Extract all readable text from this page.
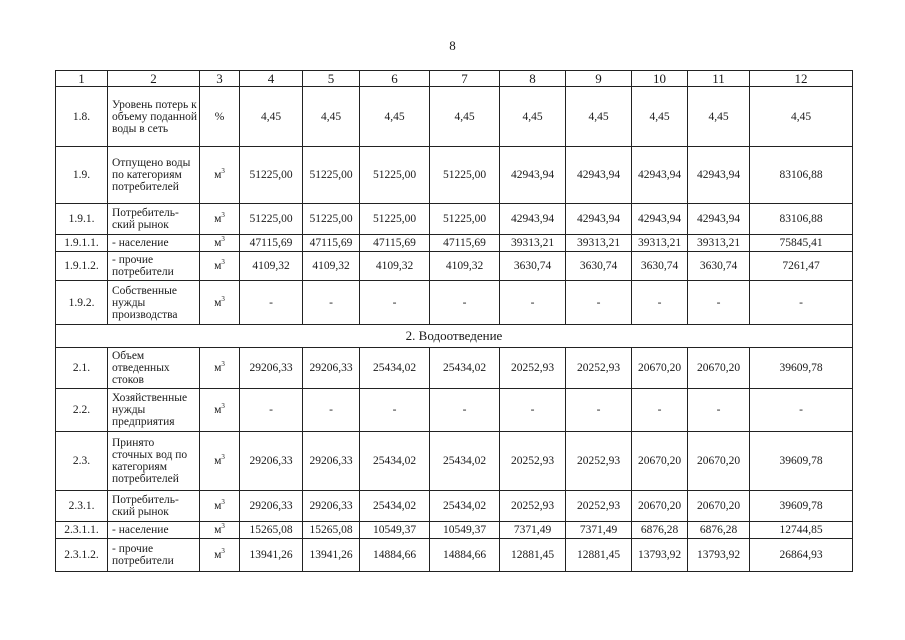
8
1	2	3	4	5	6	7	8	9	10	11	12
1.8.	Уровень потерь к объему поданной воды в сеть	%	4,45	4,45	4,45	4,45	4,45	4,45	4,45	4,45	4,45
1.9.	Отпущено воды по категориям потребителей	$м^3$	51225,00	51225,00	51225,00	51225,00	42943,94	42943,94	42943,94	42943,94	83106,88
1.9.1.	Потребитель-ский рынок	$м^3$	51225,00	51225,00	51225,00	51225,00	42943,94	42943,94	42943,94	42943,94	83106,88
1.9.1.1.	- население	$м^3$	47115,69	47115,69	47115,69	47115,69	39313,21	39313,21	39313,21	39313,21	75845,41
1.9.1.2.	- прочие потребители	$м^3$	4109,32	4109,32	4109,32	4109,32	3630,74	3630,74	3630,74	3630,74	7261,47
1.9.2.	Собственные нужды производства	$м^3$	-	-	-	-	-	-	-	-	-
2. Водоотведение											
2.1.	Объем отведенных стоков	$м^3$	29206,33	29206,33	25434,02	25434,02	20252,93	20252,93	20670,20	20670,20	39609,78
2.2.	Хозяйственные нужды предприятия	$м^3$	-	-	-	-	-	-	-	-	-
2.3.	Принято сточных вод по категориям потребителей	$м^3$	29206,33	29206,33	25434,02	25434,02	20252,93	20252,93	20670,20	20670,20	39609,78
2.3.1.	Потребитель-ский рынок	$м^3$	29206,33	29206,33	25434,02	25434,02	20252,93	20252,93	20670,20	20670,20	39609,78
2.3.1.1.	- население	$м^3$	15265,08	15265,08	10549,37	10549,37	7371,49	7371,49	6876,28	6876,28	12744,85
2.3.1.2.	- прочие потребители	$м^3$	13941,26	13941,26	14884,66	14884,66	12881,45	12881,45	13793,92	13793,92	26864,93
